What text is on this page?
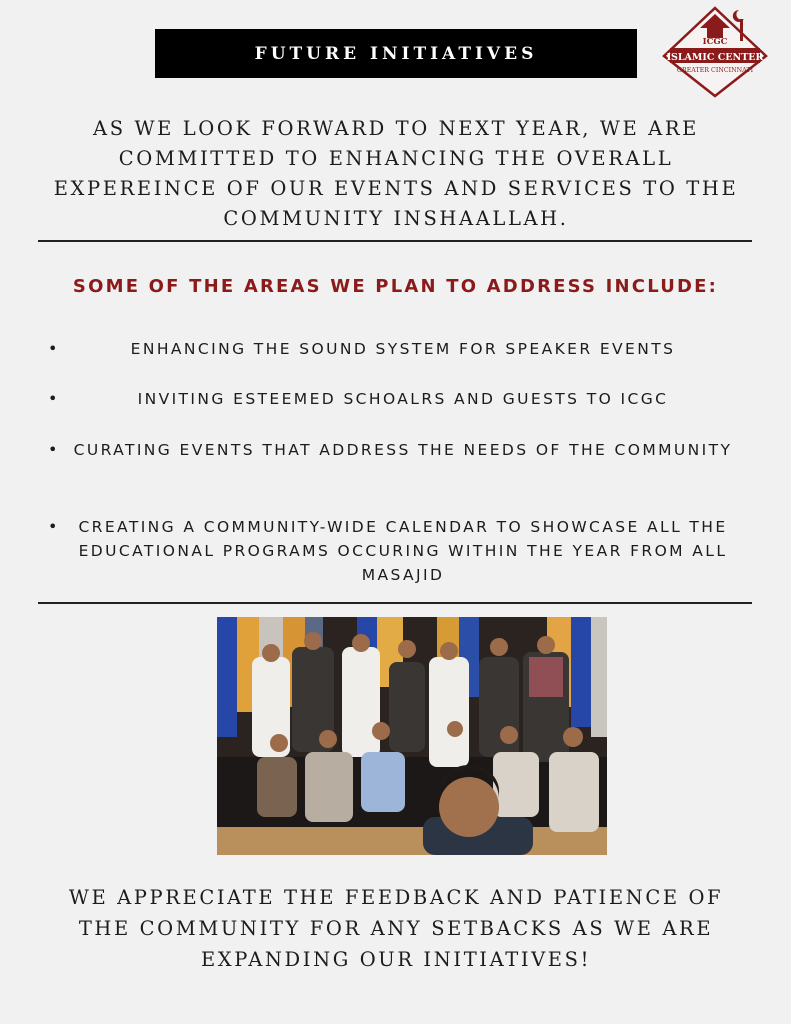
FUTURE INITIATIVES
ICGC
ISLAMIC CENTER
GREATER CINCINNATI
AS WE LOOK FORWARD TO NEXT YEAR, WE ARE COMMITTED TO ENHANCING THE OVERALL EXPEREINCE OF OUR EVENTS AND SERVICES TO THE COMMUNITY INSHAALLAH.
SOME OF THE AREAS WE PLAN TO ADDRESS INCLUDE:
•	ENHANCING THE SOUND SYSTEM FOR SPEAKER EVENTS
•	INVITING ESTEEMED SCHOALRS AND GUESTS TO ICGC
•	CURATING EVENTS THAT ADDRESS THE NEEDS OF THE COMMUNITY
•	CREATING A COMMUNITY-WIDE CALENDAR TO SHOWCASE ALL THE EDUCATIONAL PROGRAMS OCCURING WITHIN THE YEAR FROM ALL MASAJID
WE APPRECIATE THE FEEDBACK AND PATIENCE OF THE COMMUNITY FOR ANY SETBACKS AS WE ARE EXPANDING OUR INITIATIVES!
